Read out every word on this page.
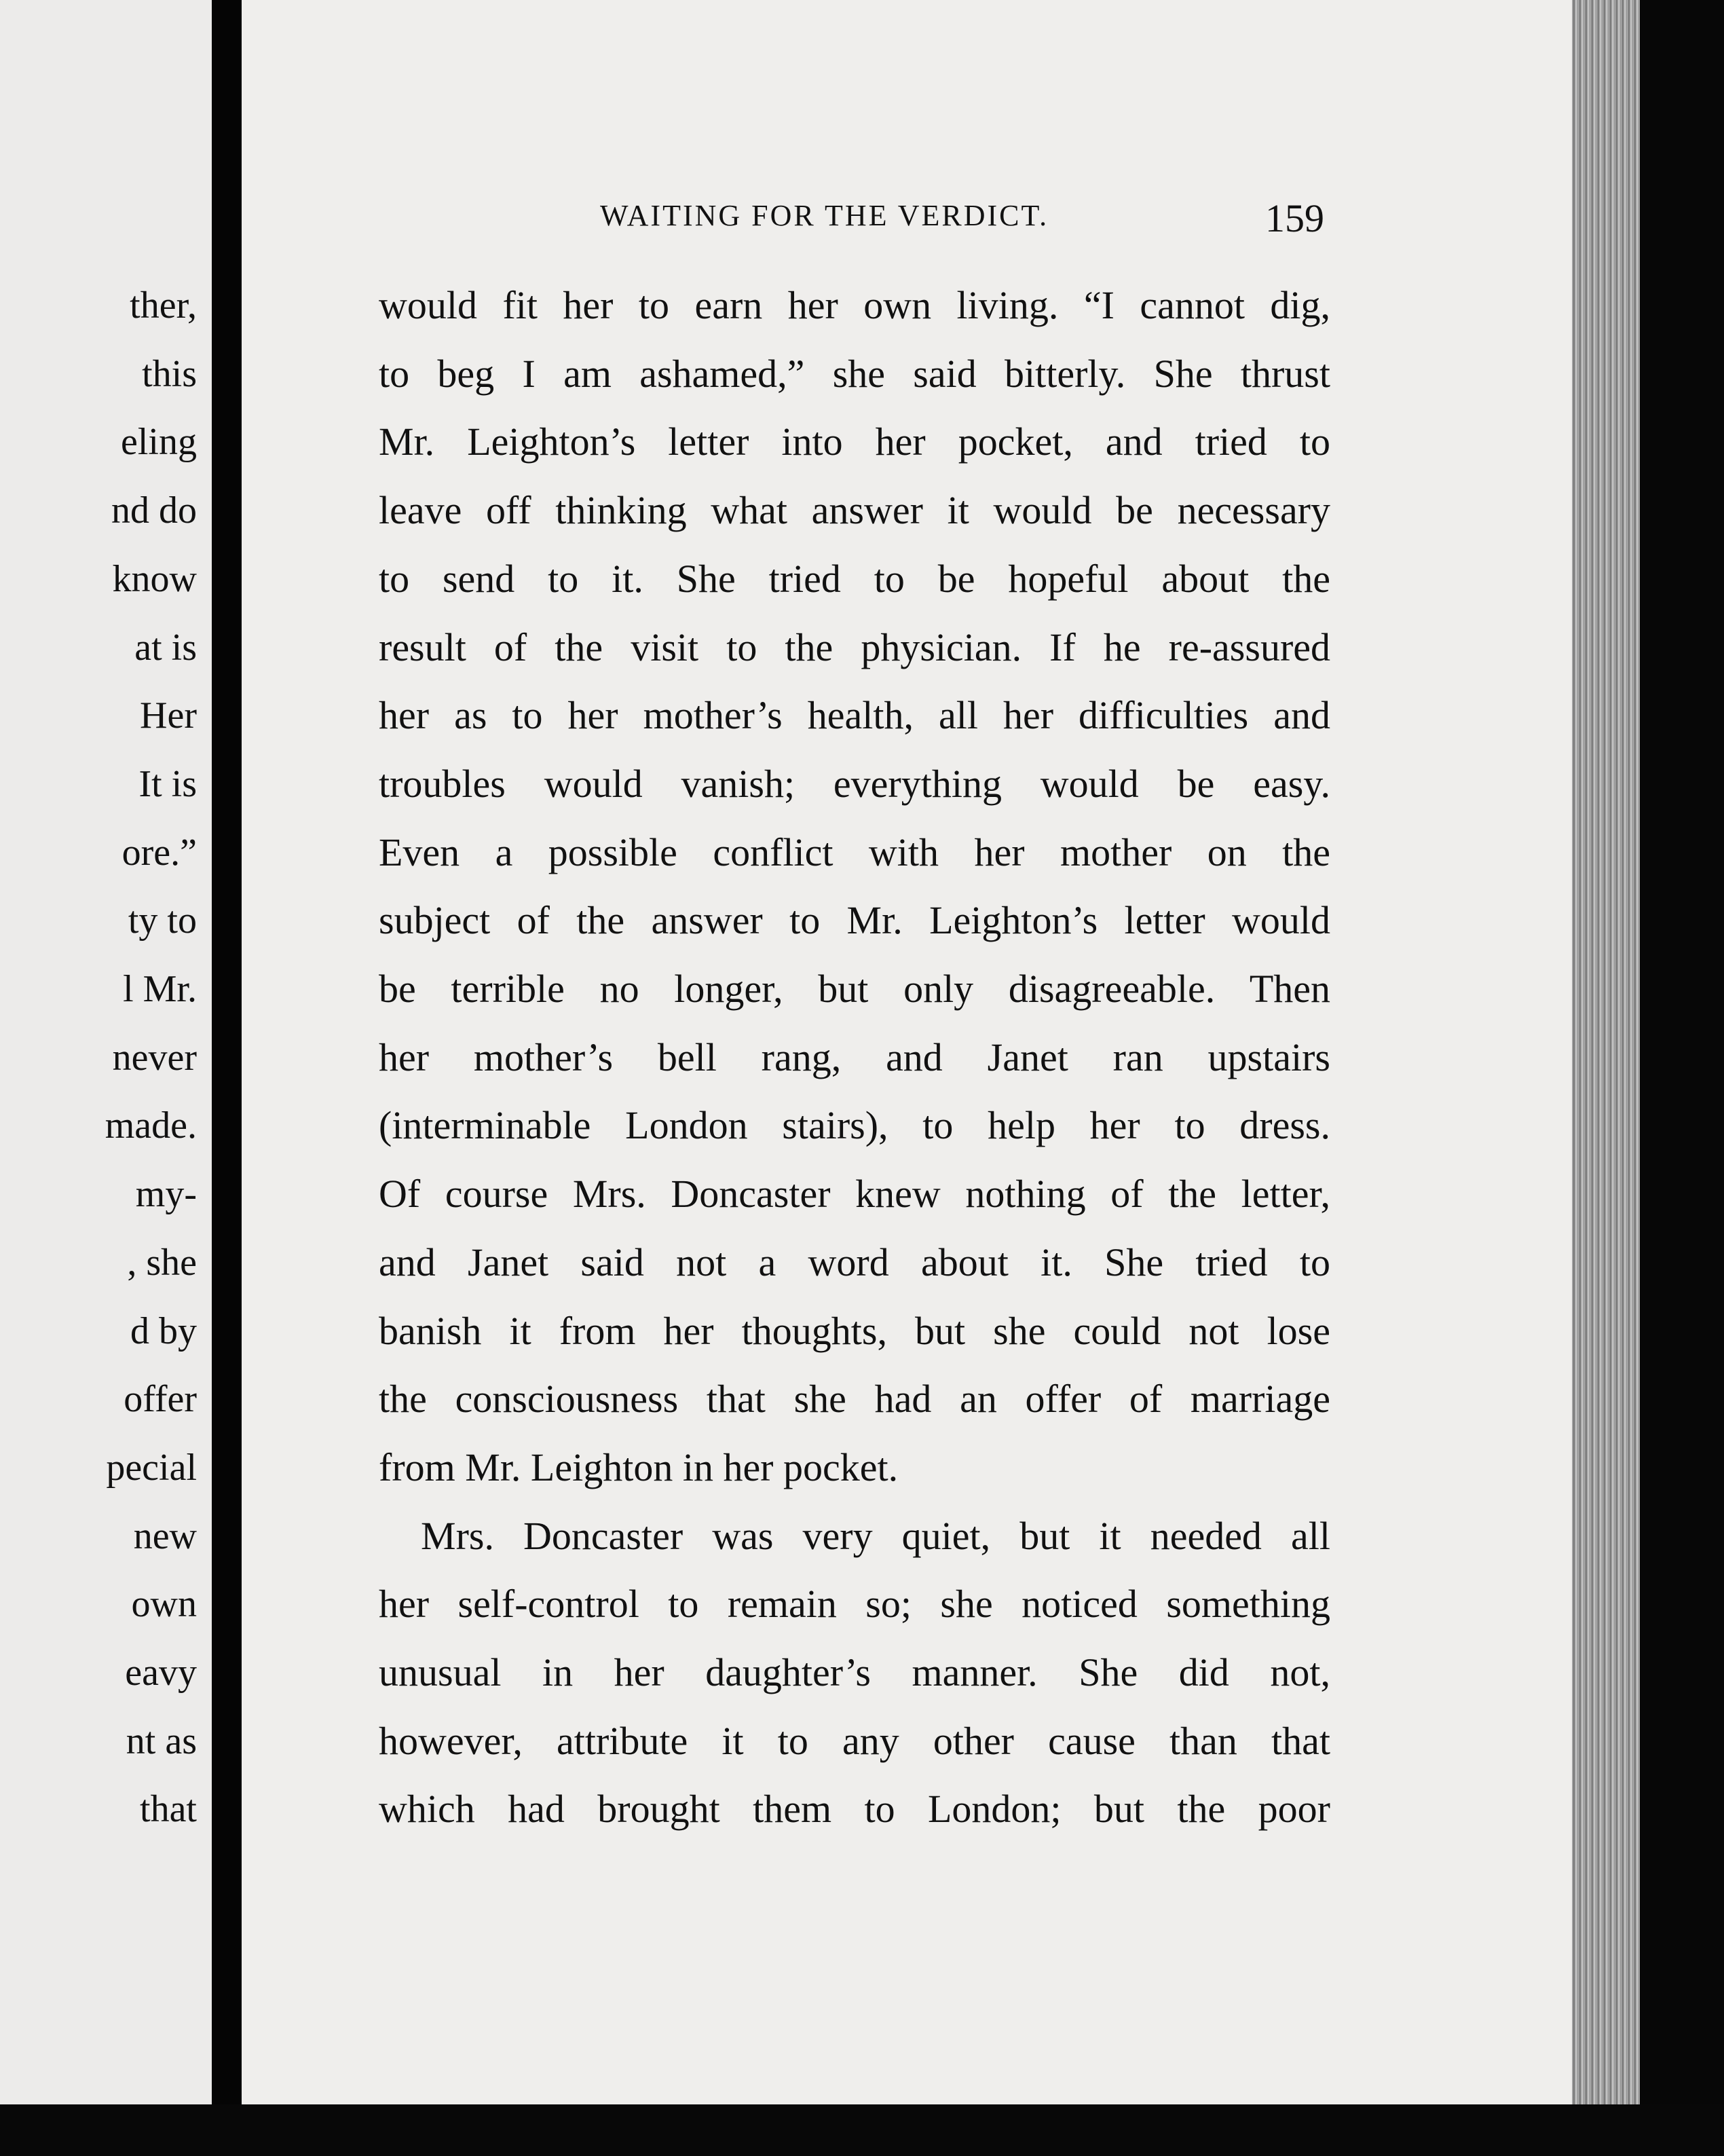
ther,
this
eling
nd do
know
at is
Her
It is
ore.”
ty to
l Mr.
never
made.
my-
, she
d by
offer
pecial
new
own
eavy
nt as
that
WAITING FOR THE VERDICT.	159

would fit her to earn her own living. “I cannot dig,
to beg I am ashamed,” she said bitterly. She thrust
Mr. Leighton’s letter into her pocket, and tried to
leave off thinking what answer it would be necessary
to send to it. She tried to be hopeful about the
result of the visit to the physician. If he re-assured
her as to her mother’s health, all her difficulties and
troubles would vanish; everything would be easy.
Even a possible conflict with her mother on the
subject of the answer to Mr. Leighton’s letter would
be terrible no longer, but only disagreeable. Then
her mother’s bell rang, and Janet ran upstairs
(interminable London stairs), to help her to dress.
Of course Mrs. Doncaster knew nothing of the letter,
and Janet said not a word about it. She tried to
banish it from her thoughts, but she could not lose
the consciousness that she had an offer of marriage
from Mr. Leighton in her pocket.

Mrs. Doncaster was very quiet, but it needed all
her self-control to remain so; she noticed something
unusual in her daughter’s manner. She did not,
however, attribute it to any other cause than that
which had brought them to London; but the poor
